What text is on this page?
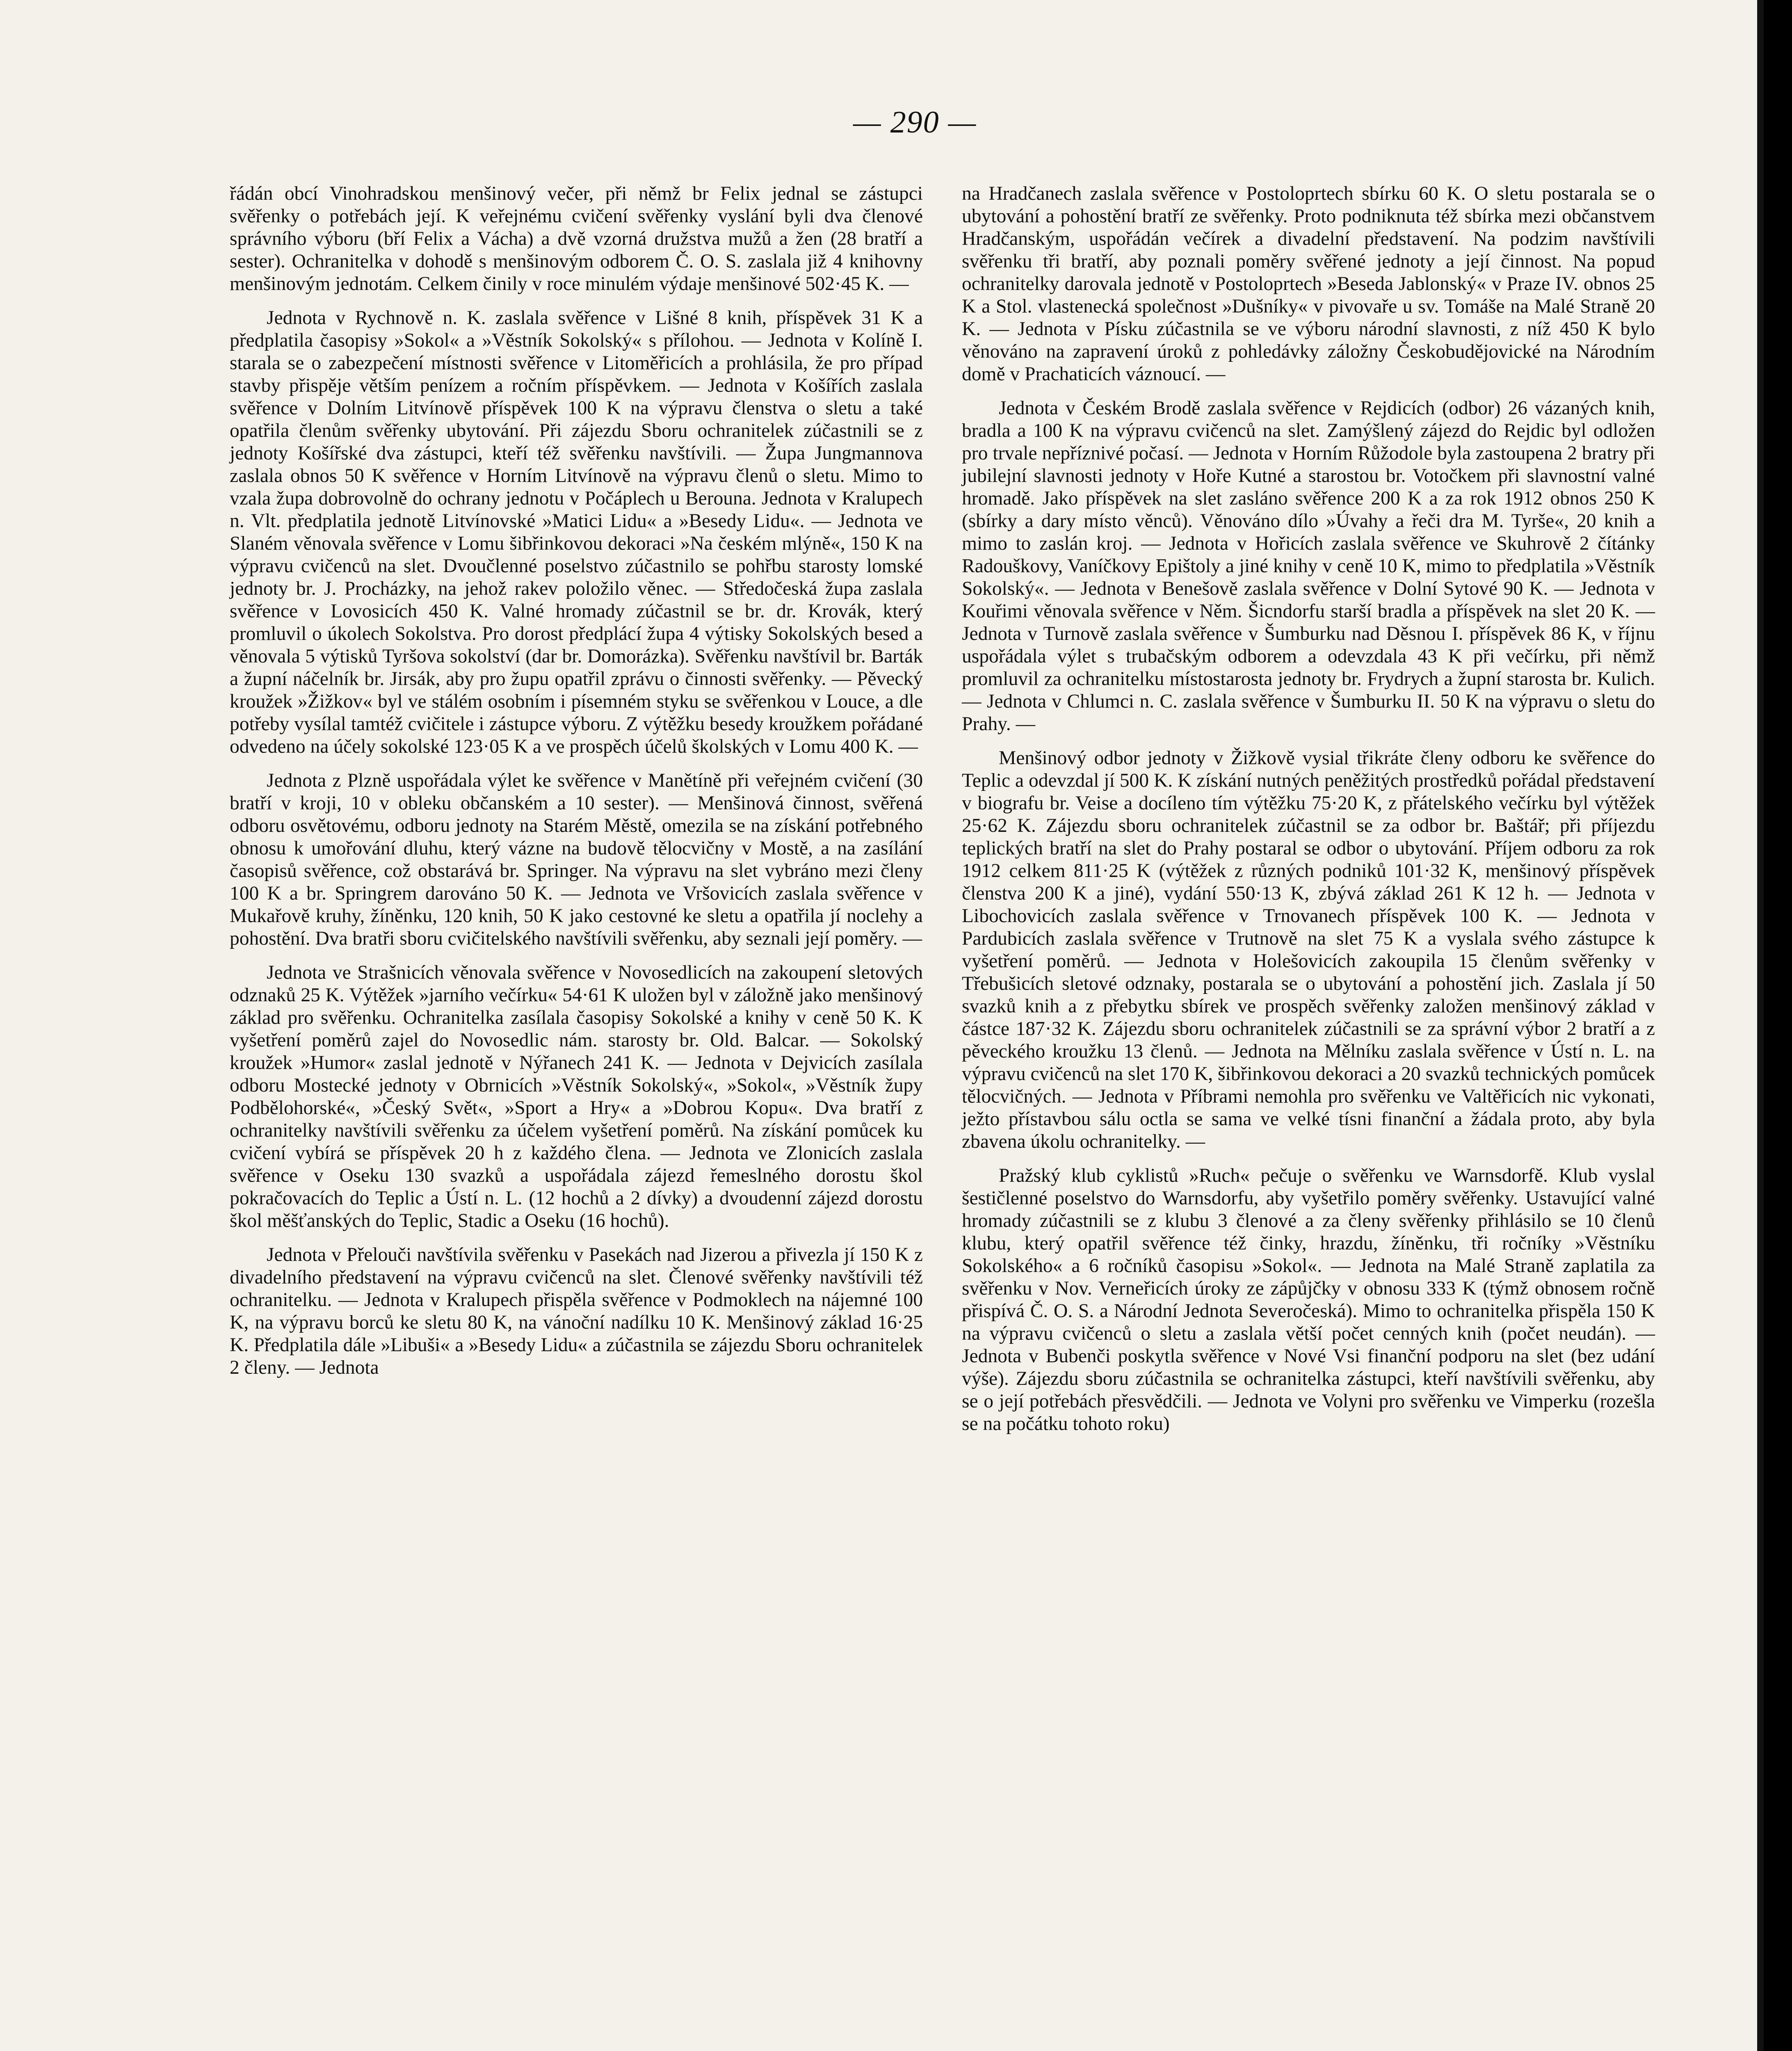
— 290 —

řádán obcí Vinohradskou menšinový večer, při němž br Felix jednal se zástupci svěřenky o potřebách její. K veřejnému cvičení svěřenky vyslání byli dva členové správního výboru (bří Felix a Vácha) a dvě vzorná družstva mužů a žen (28 bratří a sester). Ochranitelka v dohodě s menšinovým odborem Č. O. S. zaslala již 4 knihovny menšinovým jednotám. Celkem činily v roce minulém výdaje menšinové 502·45 K. —

Jednota v Rychnově n. K. zaslala svěřence v Lišné 8 knih, příspěvek 31 K a předplatila časopisy »Sokol« a »Věstník Sokolský« s přílohou. — Jednota v Kolíně I. starala se o zabezpečení místnosti svěřence v Litoměřicích a prohlásila, že pro případ stavby přispěje větším penízem a ročním příspěvkem. — Jednota v Košířích zaslala svěřence v Dolním Litvínově příspěvek 100 K na výpravu členstva o sletu a také opatřila členům svěřenky ubytování. Při zájezdu Sboru ochranitelek zúčastnili se z jednoty Košířské dva zástupci, kteří též svěřenku navštívili. — Župa Jungmannova zaslala obnos 50 K svěřence v Horním Litvínově na výpravu členů o sletu. Mimo to vzala župa dobrovolně do ochrany jednotu v Počáplech u Berouna. Jednota v Kralupech n. Vlt. předplatila jednotě Litvínovské »Matici Lidu« a »Besedy Lidu«. — Jednota ve Slaném věnovala svěřence v Lomu šibřinkovou dekoraci »Na českém mlýně«, 150 K na výpravu cvičenců na slet. Dvoučlenné poselstvo zúčastnilo se pohřbu starosty lomské jednoty br. J. Procházky, na jehož rakev položilo věnec. — Středočeská župa zaslala svěřence v Lovosicích 450 K. Valné hromady zúčastnil se br. dr. Krovák, který promluvil o úkolech Sokolstva. Pro dorost předplácí župa 4 výtisky Sokolských besed a věnovala 5 výtisků Tyršova sokolství (dar br. Domorázka). Svěřenku navštívil br. Barták a župní náčelník br. Jirsák, aby pro župu opatřil zprávu o činnosti svěřenky. — Pěvecký kroužek »Žižkov« byl ve stálém osobním i písemném styku se svěřenkou v Louce, a dle potřeby vysílal tamtéž cvičitele i zástupce výboru. Z výtěžku besedy kroužkem pořádané odvedeno na účely sokolské 123·05 K a ve prospěch účelů školských v Lomu 400 K. —

Jednota z Plzně uspořádala výlet ke svěřence v Manětíně při veřejném cvičení (30 bratří v kroji, 10 v obleku občanském a 10 sester). — Menšinová činnost, svěřená odboru osvětovému, odboru jednoty na Starém Městě, omezila se na získání potřebného obnosu k umořování dluhu, který vázne na budově tělocvičny v Mostě, a na zasílání časopisů svěřence, což obstarává br. Springer. Na výpravu na slet vybráno mezi členy 100 K a br. Springrem darováno 50 K. — Jednota ve Vršovicích zaslala svěřence v Mukařově kruhy, žíněnku, 120 knih, 50 K jako cestovné ke sletu a opatřila jí noclehy a pohostění. Dva bratři sboru cvičitelského navštívili svěřenku, aby seznali její poměry. —

Jednota ve Strašnicích věnovala svěřence v Novosedlicích na zakoupení sletových odznaků 25 K. Výtěžek »jarního večírku« 54·61 K uložen byl v záložně jako menšinový základ pro svěřenku. Ochranitelka zasílala časopisy Sokolské a knihy v ceně 50 K. K vyšetření poměrů zajel do Novosedlic nám. starosty br. Old. Balcar. — Sokolský kroužek »Humor« zaslal jednotě v Nýřanech 241 K. — Jednota v Dejvicích zasílala odboru Mostecké jednoty v Obrnicích »Věstník Sokolský«, »Sokol«, »Věstník župy Podbělohorské«, »Český Svět«, »Sport a Hry« a »Dobrou Kopu«. Dva bratří z ochranitelky navštívili svěřenku za účelem vyšetření poměrů. Na získání pomůcek ku cvičení vybírá se příspěvek 20 h z každého člena. — Jednota ve Zlonicích zaslala svěřence v Oseku 130 svazků a uspořádala zájezd řemeslného dorostu škol pokračovacích do Teplic a Ústí n. L. (12 hochů a 2 dívky) a dvoudenní zájezd dorostu škol měšťanských do Teplic, Stadic a Oseku (16 hochů).

Jednota v Přelouči navštívila svěřenku v Pasekách nad Jizerou a přivezla jí 150 K z divadelního představení na výpravu cvičenců na slet. Členové svěřenky navštívili též ochranitelku. — Jednota v Kralupech přispěla svěřence v Podmoklech na nájemné 100 K, na výpravu borců ke sletu 80 K, na vánoční nadílku 10 K. Menšinový základ 16·25 K. Předplatila dále »Libuši« a »Besedy Lidu« a zúčastnila se zájezdu Sboru ochranitelek 2 členy. — Jednota

na Hradčanech zaslala svěřence v Postoloprtech sbírku 60 K. O sletu postarala se o ubytování a pohostění bratří ze svěřenky. Proto podniknuta též sbírka mezi občanstvem Hradčanským, uspořádán večírek a divadelní představení. Na podzim navštívili svěřenku tři bratří, aby poznali poměry svěřené jednoty a její činnost. Na popud ochranitelky darovala jednotě v Postoloprtech »Beseda Jablonský« v Praze IV. obnos 25 K a Stol. vlastenecká společnost »Dušníky« v pivovaře u sv. Tomáše na Malé Straně 20 K. — Jednota v Písku zúčastnila se ve výboru národní slavnosti, z níž 450 K bylo věnováno na zapravení úroků z pohledávky záložny Českobudějovické na Národním domě v Prachaticích váznoucí. —

Jednota v Českém Brodě zaslala svěřence v Rejdicích (odbor) 26 vázaných knih, bradla a 100 K na výpravu cvičenců na slet. Zamýšlený zájezd do Rejdic byl odložen pro trvale nepříznivé počasí. — Jednota v Horním Růžodole byla zastoupena 2 bratry při jubilejní slavnosti jednoty v Hoře Kutné a starostou br. Votočkem při slavnostní valné hromadě. Jako příspěvek na slet zasláno svěřence 200 K a za rok 1912 obnos 250 K (sbírky a dary místo věnců). Věnováno dílo »Úvahy a řeči dra M. Tyrše«, 20 knih a mimo to zaslán kroj. — Jednota v Hořicích zaslala svěřence ve Skuhrově 2 čítánky Radouškovy, Vaníčkovy Epištoly a jiné knihy v ceně 10 K, mimo to předplatila »Věstník Sokolský«. — Jednota v Benešově zaslala svěřence v Dolní Sytové 90 K. — Jednota v Kouřimi věnovala svěřence v Něm. Šicndorfu starší bradla a příspěvek na slet 20 K. — Jednota v Turnově zaslala svěřence v Šumburku nad Děsnou I. příspěvek 86 K, v říjnu uspořádala výlet s trubačským odborem a odevzdala 43 K při večírku, při němž promluvil za ochranitelku místostarosta jednoty br. Frydrych a župní starosta br. Kulich. — Jednota v Chlumci n. C. zaslala svěřence v Šumburku II. 50 K na výpravu o sletu do Prahy. —

Menšinový odbor jednoty v Žižkově vysial třikráte členy odboru ke svěřence do Teplic a odevzdal jí 500 K. K získání nutných peněžitých prostředků pořádal představení v biografu br. Veise a docíleno tím výtěžku 75·20 K, z přátelského večírku byl výtěžek 25·62 K. Zájezdu sboru ochranitelek zúčastnil se za odbor br. Baštář; při příjezdu teplických bratří na slet do Prahy postaral se odbor o ubytování. Příjem odboru za rok 1912 celkem 811·25 K (výtěžek z různých podniků 101·32 K, menšinový příspěvek členstva 200 K a jiné), vydání 550·13 K, zbývá základ 261 K 12 h. — Jednota v Libochovicích zaslala svěřence v Trnovanech příspěvek 100 K. — Jednota v Pardubicích zaslala svěřence v Trutnově na slet 75 K a vyslala svého zástupce k vyšetření poměrů. — Jednota v Holešovicích zakoupila 15 členům svěřenky v Třebušicích sletové odznaky, postarala se o ubytování a pohostění jich. Zaslala jí 50 svazků knih a z přebytku sbírek ve prospěch svěřenky založen menšinový základ v částce 187·32 K. Zájezdu sboru ochranitelek zúčastnili se za správní výbor 2 bratří a z pěveckého kroužku 13 členů. — Jednota na Mělníku zaslala svěřence v Ústí n. L. na výpravu cvičenců na slet 170 K, šibřinkovou dekoraci a 20 svazků technických pomůcek tělocvičných. — Jednota v Příbrami nemohla pro svěřenku ve Valtěřicích nic vykonati, ježto přístavbou sálu octla se sama ve velké tísni finanční a žádala proto, aby byla zbavena úkolu ochranitelky. —

Pražský klub cyklistů »Ruch« pečuje o svěřenku ve Warnsdorfě. Klub vyslal šestičlenné poselstvo do Warnsdorfu, aby vyšetřilo poměry svěřenky. Ustavující valné hromady zúčastnili se z klubu 3 členové a za členy svěřenky přihlásilo se 10 členů klubu, který opatřil svěřence též činky, hrazdu, žíněnku, tři ročníky »Věstníku Sokolského« a 6 ročníků časopisu »Sokol«. — Jednota na Malé Straně zaplatila za svěřenku v Nov. Verneřicích úroky ze zápůjčky v obnosu 333 K (týmž obnosem ročně přispívá Č. O. S. a Národní Jednota Severočeská). Mimo to ochranitelka přispěla 150 K na výpravu cvičenců o sletu a zaslala větší počet cenných knih (počet neudán). — Jednota v Bubenči poskytla svěřence v Nové Vsi finanční podporu na slet (bez udání výše). Zájezdu sboru zúčastnila se ochranitelka zástupci, kteří navštívili svěřenku, aby se o její potřebách přesvědčili. — Jednota ve Volyni pro svěřenku ve Vimperku (rozešla se na počátku tohoto roku)
